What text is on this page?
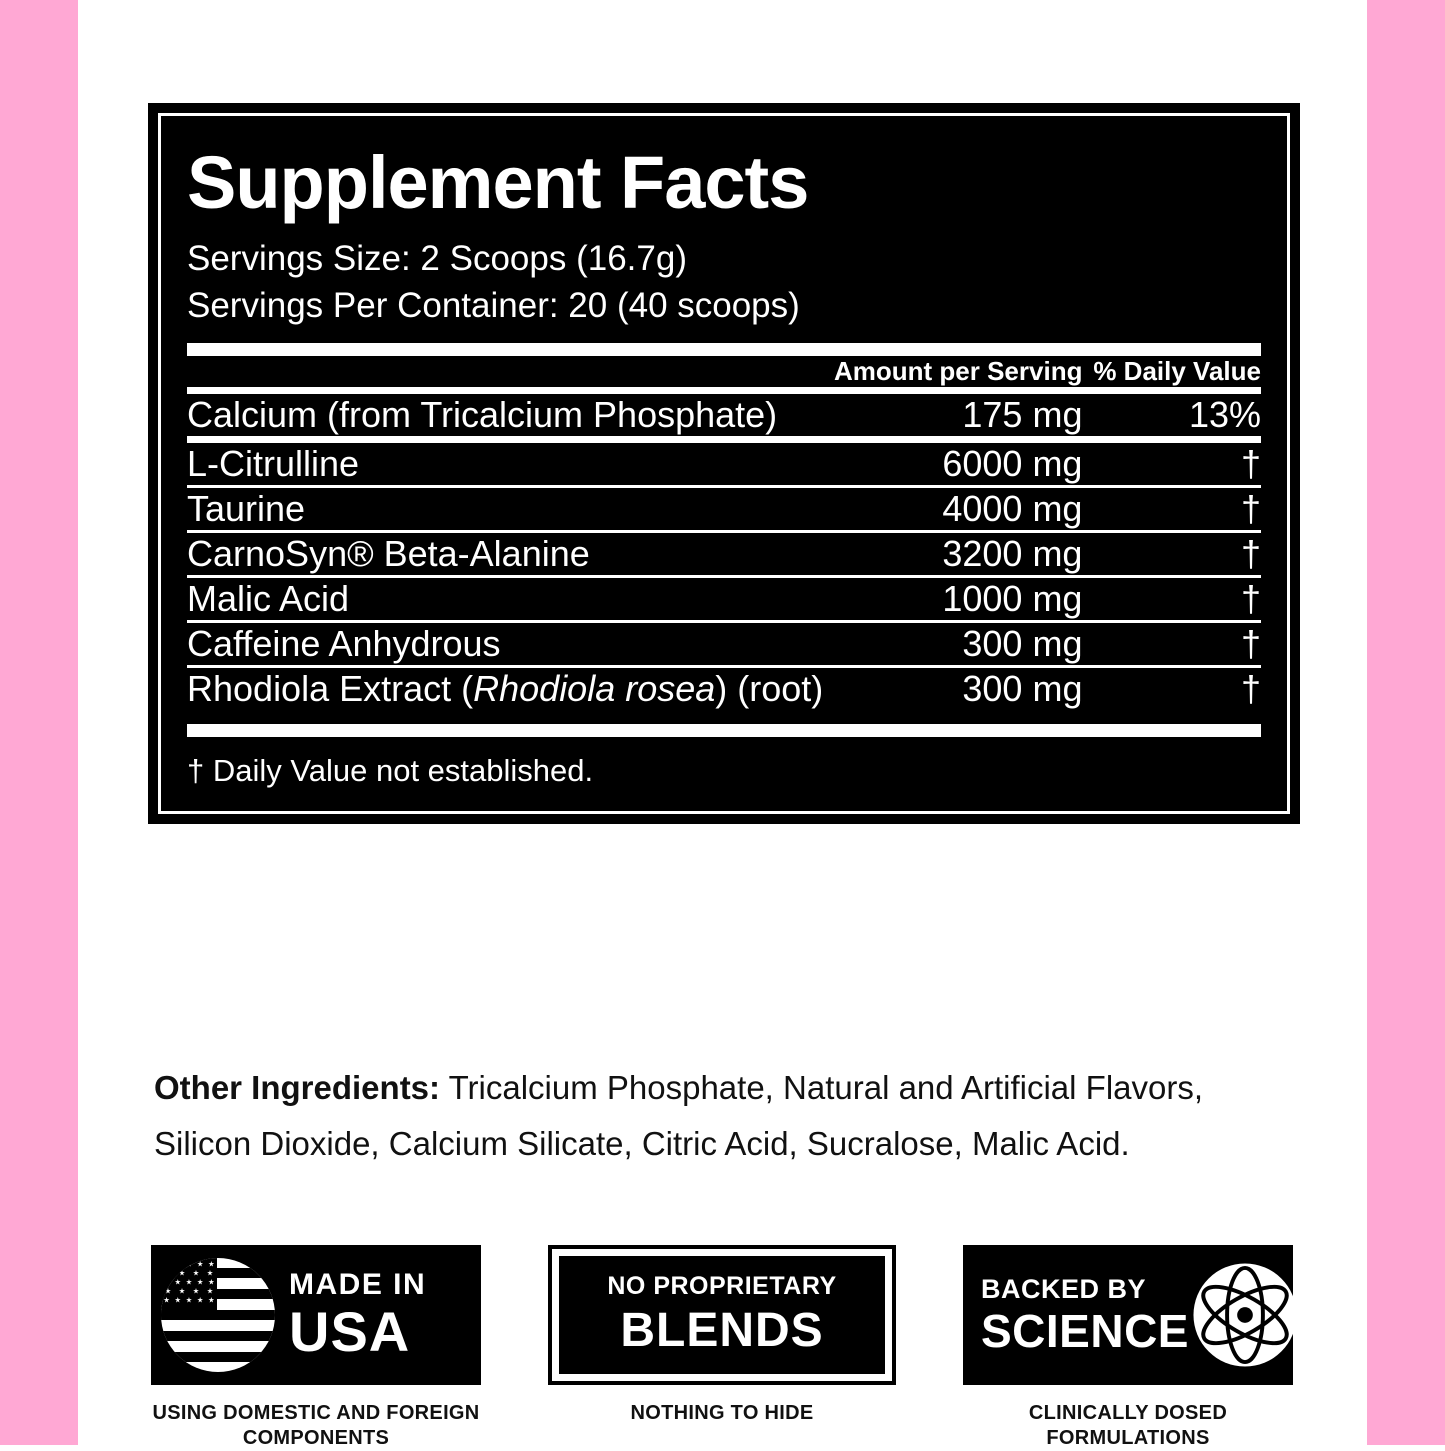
Supplement Facts
Servings Size: 2 Scoops (16.7g)
Servings Per Container: 20 (40 scoops)
	Amount per Serving	% Daily Value

Calcium (from Tricalcium Phosphate)	175 mg	13%

L-Citrulline	6000 mg	†

Taurine	4000 mg	†

CarnoSyn® Beta-Alanine	3200 mg	†

Malic Acid	1000 mg	†

Caffeine Anhydrous	300 mg	†

Rhodiola Extract (Rhodiola rosea) (root)	300 mg	†
† Daily Value not established.
Other Ingredients: Tricalcium Phosphate, Natural and Artificial Flavors, Silicon Dioxide, Calcium Silicate, Citric Acid, Sucralose, Malic Acid.
MADE IN
USA
USING DOMESTIC AND FOREIGN COMPONENTS
NO PROPRIETARY
BLENDS
NOTHING TO HIDE
BACKED BY
SCIENCE
CLINICALLY DOSED FORMULATIONS
